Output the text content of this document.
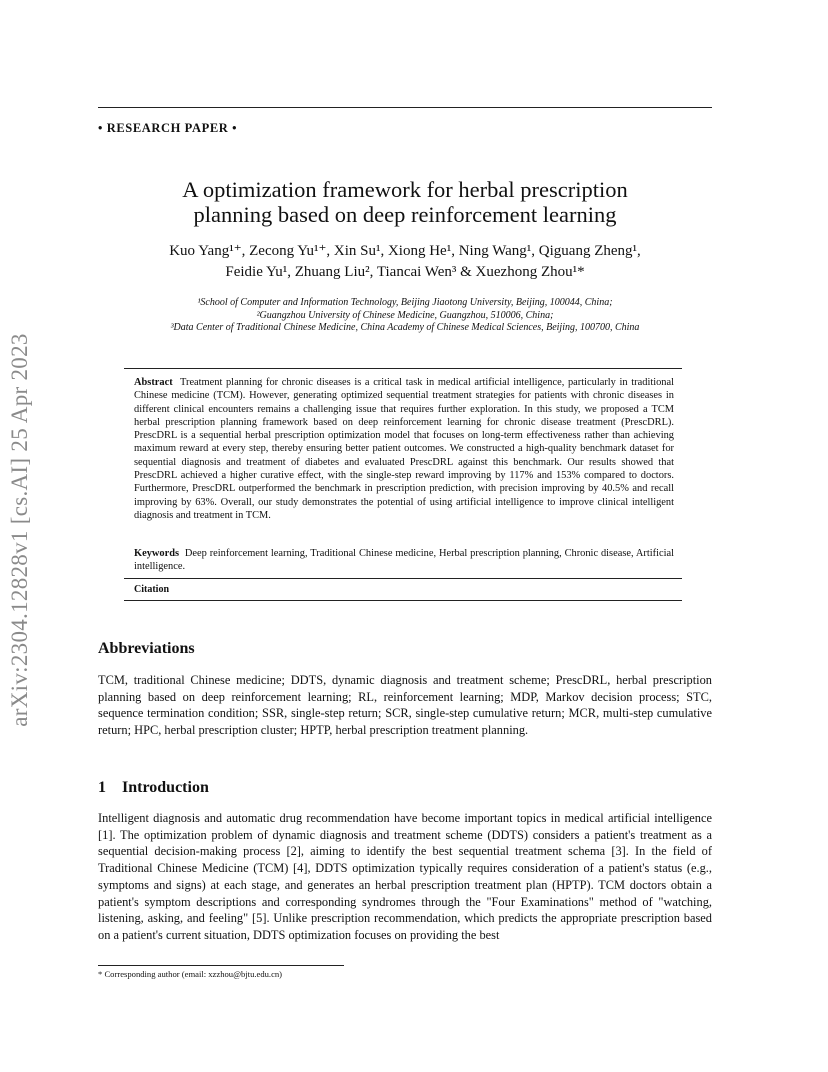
arXiv:2304.12828v1 [cs.AI] 25 Apr 2023
• RESEARCH PAPER •
A optimization framework for herbal prescription
planning based on deep reinforcement learning
Kuo Yang¹⁺, Zecong Yu¹⁺, Xin Su¹, Xiong He¹, Ning Wang¹, Qiguang Zheng¹,
Feidie Yu¹, Zhuang Liu², Tiancai Wen³ & Xuezhong Zhou¹*
¹School of Computer and Information Technology, Beijing Jiaotong University, Beijing, 100044, China;
²Guangzhou University of Chinese Medicine, Guangzhou, 510006, China;
³Data Center of Traditional Chinese Medicine, China Academy of Chinese Medical Sciences, Beijing, 100700, China
Abstract Treatment planning for chronic diseases is a critical task in medical artificial intelligence, particularly in traditional Chinese medicine (TCM). However, generating optimized sequential treatment strategies for patients with chronic diseases in different clinical encounters remains a challenging issue that requires further exploration. In this study, we proposed a TCM herbal prescription planning framework based on deep reinforcement learning for chronic disease treatment (PrescDRL). PrescDRL is a sequential herbal prescription optimization model that focuses on long-term effectiveness rather than achieving maximum reward at every step, thereby ensuring better patient outcomes. We constructed a high-quality benchmark dataset for sequential diagnosis and treatment of diabetes and evaluated PrescDRL against this benchmark. Our results showed that PrescDRL achieved a higher curative effect, with the single-step reward improving by 117% and 153% compared to doctors. Furthermore, PrescDRL outperformed the benchmark in prescription prediction, with precision improving by 40.5% and recall improving by 63%. Overall, our study demonstrates the potential of using artificial intelligence to improve clinical intelligent diagnosis and treatment in TCM.
Keywords Deep reinforcement learning, Traditional Chinese medicine, Herbal prescription planning, Chronic disease, Artificial intelligence.
Citation
Abbreviations
TCM, traditional Chinese medicine; DDTS, dynamic diagnosis and treatment scheme; PrescDRL, herbal prescription planning based on deep reinforcement learning; RL, reinforcement learning; MDP, Markov decision process; STC, sequence termination condition; SSR, single-step return; SCR, single-step cumulative return; MCR, multi-step cumulative return; HPC, herbal prescription cluster; HPTP, herbal prescription treatment planning.
1    Introduction
Intelligent diagnosis and automatic drug recommendation have become important topics in medical artificial intelligence [1]. The optimization problem of dynamic diagnosis and treatment scheme (DDTS) considers a patient's treatment as a sequential decision-making process [2], aiming to identify the best sequential treatment schema [3]. In the field of Traditional Chinese Medicine (TCM) [4], DDTS optimization typically requires consideration of a patient's status (e.g., symptoms and signs) at each stage, and generates an herbal prescription treatment plan (HPTP). TCM doctors obtain a patient's symptom descriptions and corresponding syndromes through the "Four Examinations" method of "watching, listening, asking, and feeling" [5]. Unlike prescription recommendation, which predicts the appropriate prescription based on a patient's current situation, DDTS optimization focuses on providing the best
* Corresponding author (email: xzzhou@bjtu.edu.cn)
